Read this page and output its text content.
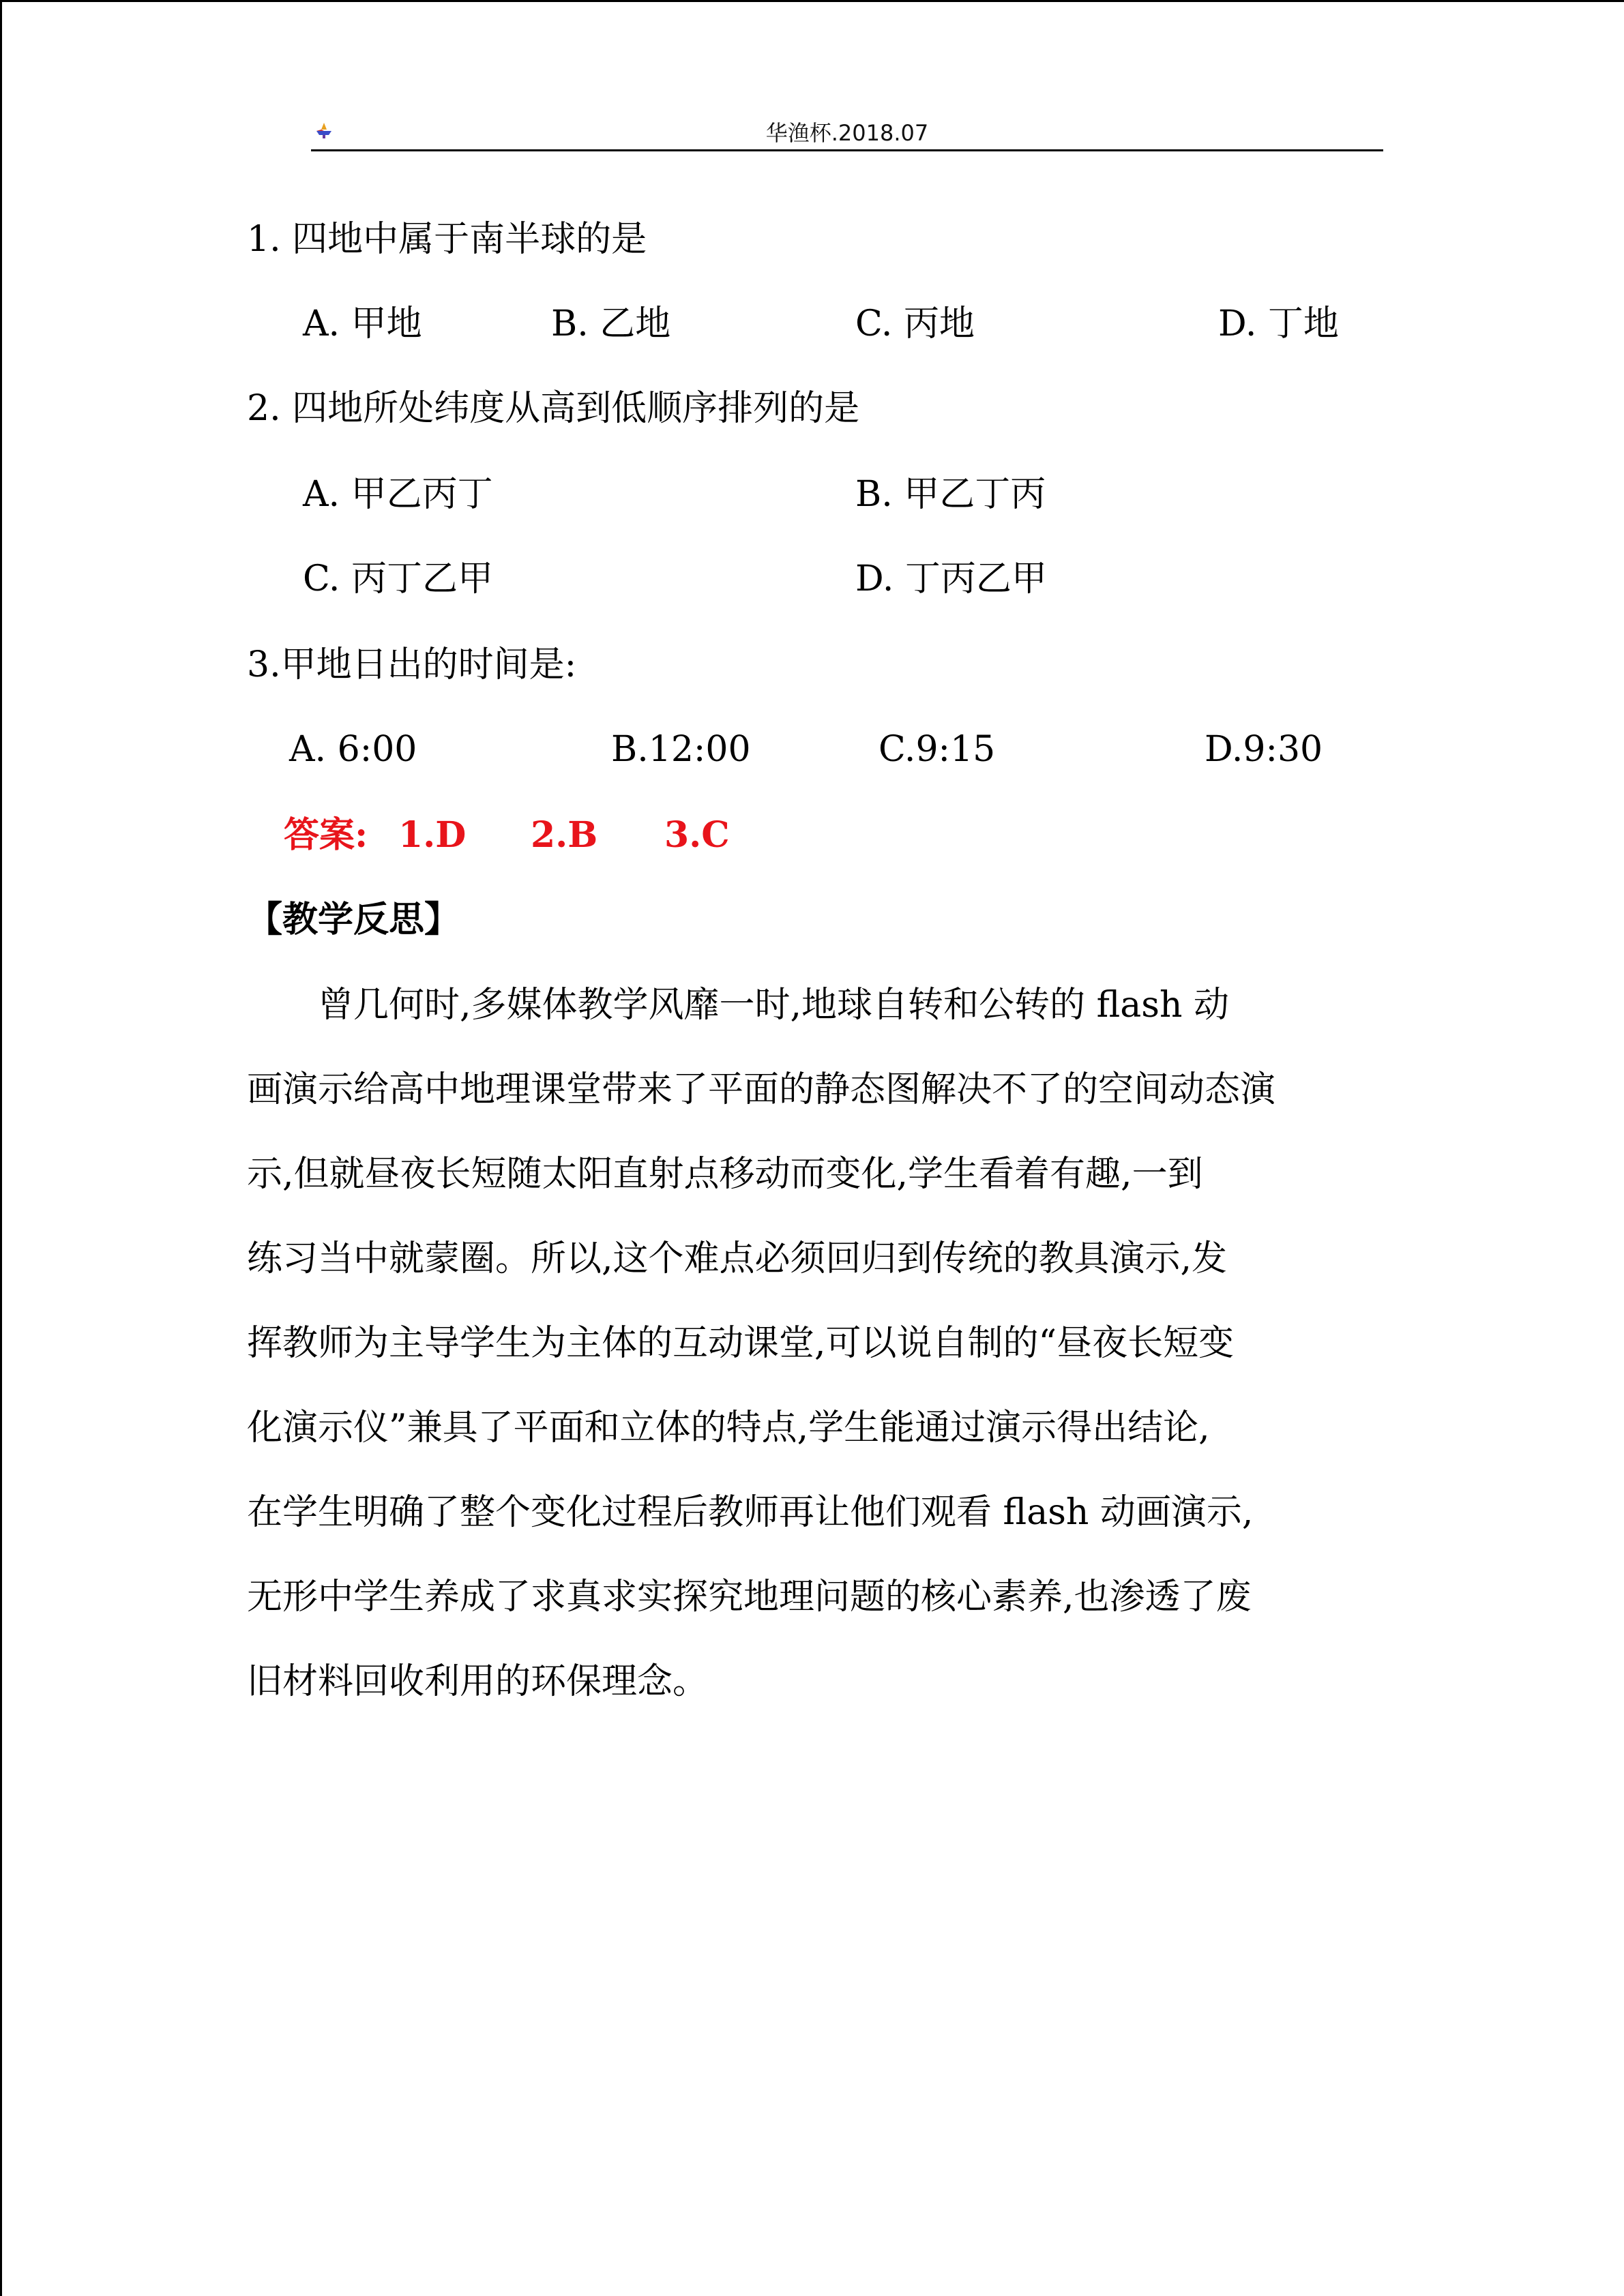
华渔杯.2018.07
1. 四地中属于南半球的是
A. 甲地	B. 乙地	C. 丙地	D. 丁地
2. 四地所处纬度从高到低顺序排列的是
A. 甲乙丙丁	B. 甲乙丁丙
C. 丙丁乙甲	D. 丁丙乙甲
3.甲地日出的时间是:
A. 6:00	B.12:00	C.9:15	D.9:30
答案: 1.D 2.B 3.C
【教学反思】
曾几何时,多媒体教学风靡一时,地球自转和公转的 flash 动
画演示给高中地理课堂带来了平面的静态图解决不了的空间动态演
示,但就昼夜长短随太阳直射点移动而变化,学生看着有趣,一到
练习当中就蒙圈。所以,这个难点必须回归到传统的教具演示,发
挥教师为主导学生为主体的互动课堂,可以说自制的“昼夜长短变
化演示仪”兼具了平面和立体的特点,学生能通过演示得出结论,
在学生明确了整个变化过程后教师再让他们观看 flash 动画演示,
无形中学生养成了求真求实探究地理问题的核心素养,也渗透了废
旧材料回收利用的环保理念。
